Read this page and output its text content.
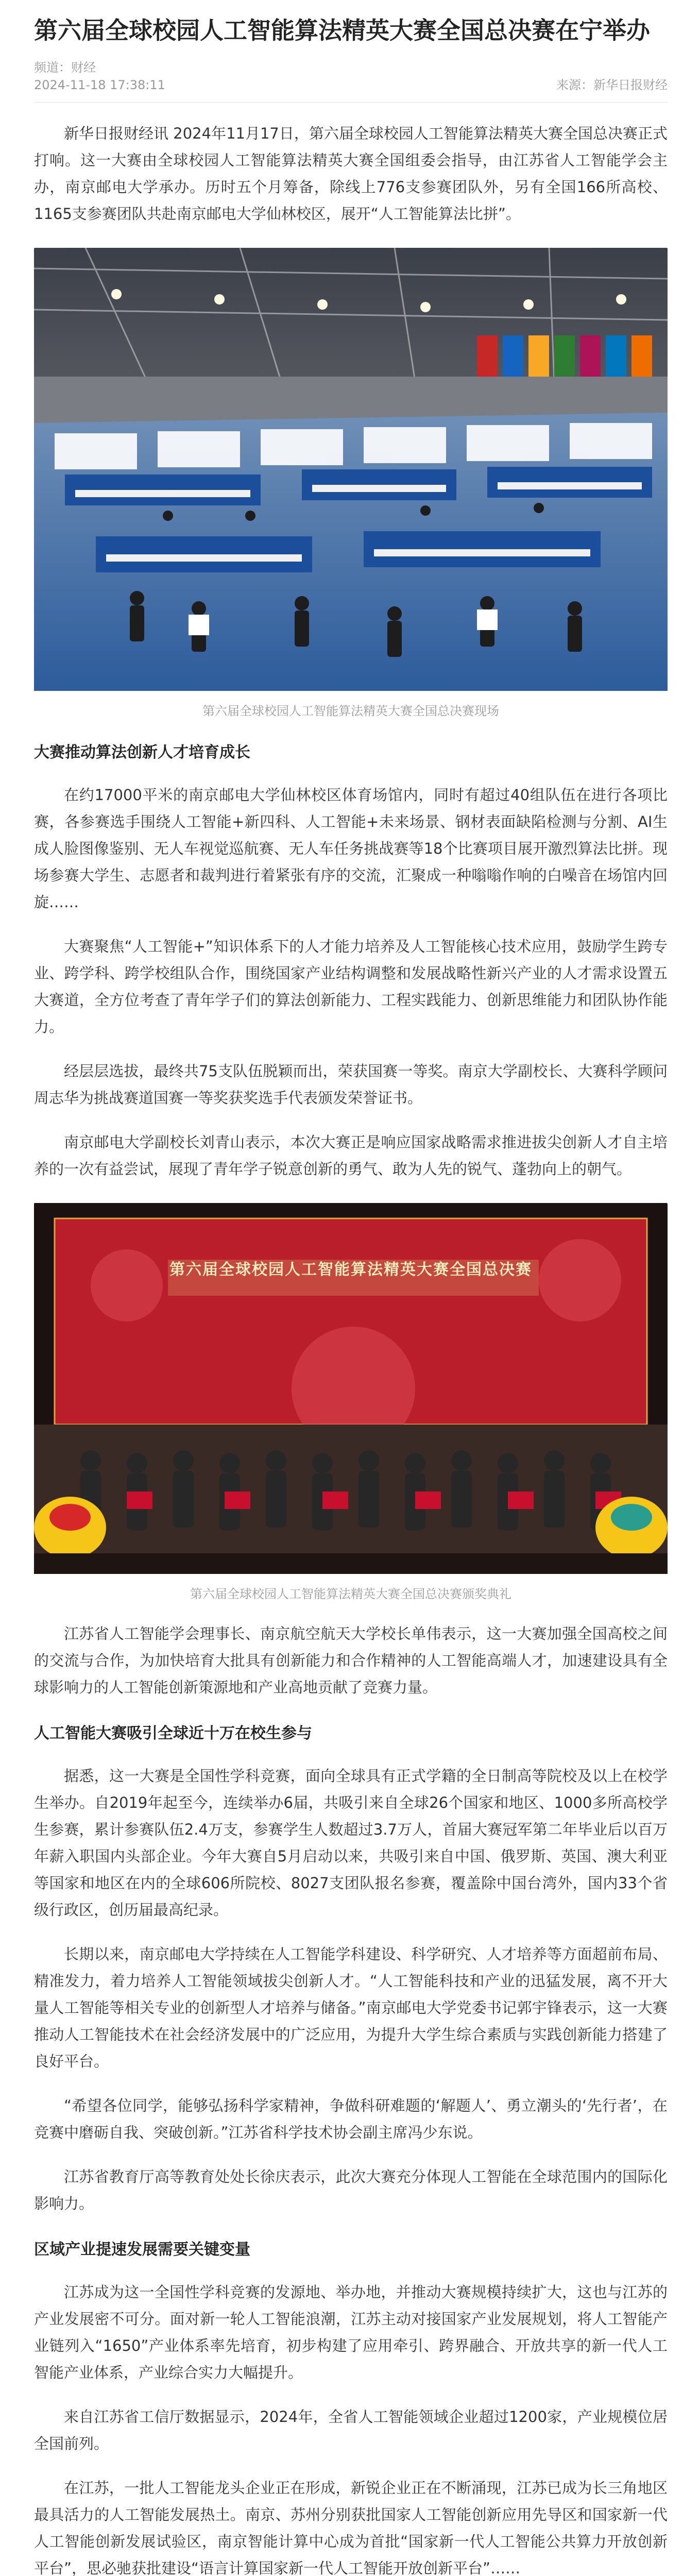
第六届全球校园人工智能算法精英大赛全国总决赛在宁举办
频道：财经
2024-11-18 17:38:11	来源：新华日报财经

新华日报财经讯 2024年11月17日，第六届全球校园人工智能算法精英大赛全国总决赛正式打响。这一大赛由全球校园人工智能算法精英大赛全国组委会指导，由江苏省人工智能学会主办，南京邮电大学承办。历时五个月筹备，除线上776支参赛团队外，另有全国166所高校、1165支参赛团队共赴南京邮电大学仙林校区，展开“人工智能算法比拼”。

第六届全球校园人工智能算法精英大赛全国总决赛现场
大赛推动算法创新人才培育成长

在约17000平米的南京邮电大学仙林校区体育场馆内，同时有超过40组队伍在进行各项比赛，各参赛选手围绕人工智能+新四科、人工智能+未来场景、钢材表面缺陷检测与分割、AI生成人脸图像鉴别、无人车视觉巡航赛、无人车任务挑战赛等18个比赛项目展开激烈算法比拼。现场参赛大学生、志愿者和裁判进行着紧张有序的交流，汇聚成一种嗡嗡作响的白噪音在场馆内回旋……

大赛聚焦“人工智能+”知识体系下的人才能力培养及人工智能核心技术应用，鼓励学生跨专业、跨学科、跨学校组队合作，围绕国家产业结构调整和发展战略性新兴产业的人才需求设置五大赛道，全方位考查了青年学子们的算法创新能力、工程实践能力、创新思维能力和团队协作能力。

经层层选拔，最终共75支队伍脱颖而出，荣获国赛一等奖。南京大学副校长、大赛科学顾问周志华为挑战赛道国赛一等奖获奖选手代表颁发荣誉证书。

南京邮电大学副校长刘青山表示，本次大赛正是响应国家战略需求推进拔尖创新人才自主培养的一次有益尝试，展现了青年学子锐意创新的勇气、敢为人先的锐气、蓬勃向上的朝气。

第六届全球校园人工智能算法精英大赛全国总决赛
第六届全球校园人工智能算法精英大赛全国总决赛颁奖典礼

江苏省人工智能学会理事长、南京航空航天大学校长单伟表示，这一大赛加强全国高校之间的交流与合作，为加快培育大批具有创新能力和合作精神的人工智能高端人才，加速建设具有全球影响力的人工智能创新策源地和产业高地贡献了竞赛力量。

人工智能大赛吸引全球近十万在校生参与

据悉，这一大赛是全国性学科竞赛，面向全球具有正式学籍的全日制高等院校及以上在校学生举办。自2019年起至今，连续举办6届，共吸引来自全球26个国家和地区、1000多所高校学生参赛，累计参赛队伍2.4万支，参赛学生人数超过3.7万人，首届大赛冠军第二年毕业后以百万年薪入职国内头部企业。今年大赛自5月启动以来，共吸引来自中国、俄罗斯、英国、澳大利亚等国家和地区在内的全球606所院校、8027支团队报名参赛，覆盖除中国台湾外，国内33个省级行政区，创历届最高纪录。

长期以来，南京邮电大学持续在人工智能学科建设、科学研究、人才培养等方面超前布局、精准发力，着力培养人工智能领域拔尖创新人才。“人工智能科技和产业的迅猛发展，离不开大量人工智能等相关专业的创新型人才培养与储备。”南京邮电大学党委书记郭宇锋表示，这一大赛推动人工智能技术在社会经济发展中的广泛应用，为提升大学生综合素质与实践创新能力搭建了良好平台。

“希望各位同学，能够弘扬科学家精神，争做科研难题的‘解题人’、勇立潮头的‘先行者’，在竞赛中磨砺自我、突破创新。”江苏省科学技术协会副主席冯少东说。

江苏省教育厅高等教育处处长徐庆表示，此次大赛充分体现人工智能在全球范围内的国际化影响力。

区域产业提速发展需要关键变量

江苏成为这一全国性学科竞赛的发源地、举办地，并推动大赛规模持续扩大，这也与江苏的产业发展密不可分。面对新一轮人工智能浪潮，江苏主动对接国家产业发展规划，将人工智能产业链列入“1650”产业体系率先培育，初步构建了应用牵引、跨界融合、开放共享的新一代人工智能产业体系，产业综合实力大幅提升。

来自江苏省工信厅数据显示，2024年，全省人工智能领域企业超过1200家，产业规模位居全国前列。

在江苏，一批人工智能龙头企业正在形成，新锐企业正在不断涌现，江苏已成为长三角地区最具活力的人工智能发展热土。南京、苏州分别获批国家人工智能创新应用先导区和国家新一代人工智能创新发展试验区，南京智能计算中心成为首批“国家新一代人工智能公共算力开放创新平台”，思必驰获批建设“语言计算国家新一代人工智能开放创新平台”……
